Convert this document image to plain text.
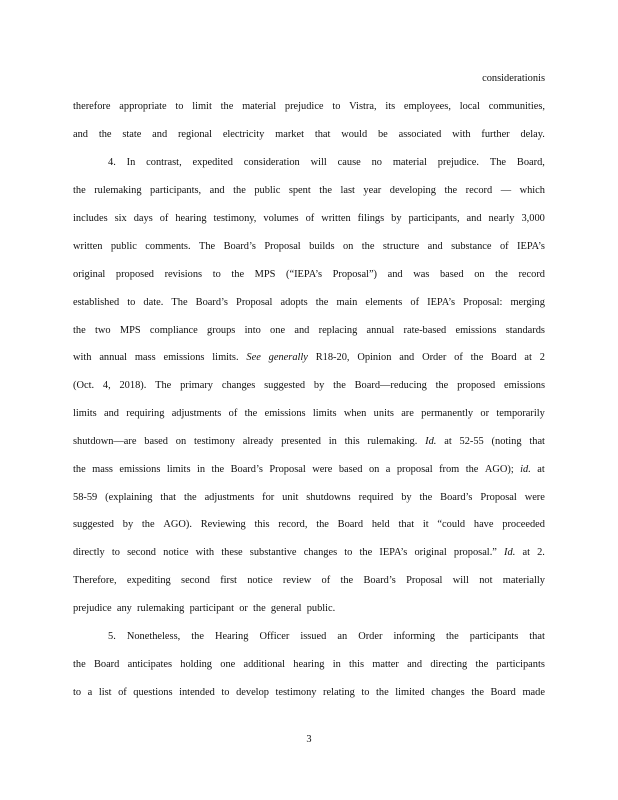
consideration is
therefore appropriate to limit the material prejudice to Vistra, its employees, local communities,
and the state and regional electricity market that would be associated with further delay.
4. In contrast, expedited consideration will cause no material prejudice. The Board,
the rulemaking participants, and the public spent the last year developing the record — which
includes six days of hearing testimony, volumes of written filings by participants, and nearly 3,000
written public comments. The Board’s Proposal builds on the structure and substance of IEPA’s
original proposed revisions to the MPS (“IEPA’s Proposal”) and was based on the record
established to date. The Board’s Proposal adopts the main elements of IEPA’s Proposal: merging
the two MPS compliance groups into one and replacing annual rate-based emissions standards
with annual mass emissions limits. See generally R18-20, Opinion and Order of the Board at 2
(Oct. 4, 2018). The primary changes suggested by the Board—reducing the proposed emissions
limits and requiring adjustments of the emissions limits when units are permanently or temporarily
shutdown—are based on testimony already presented in this rulemaking. Id. at 52-55 (noting that
the mass emissions limits in the Board’s Proposal were based on a proposal from the AGO); id. at
58-59 (explaining that the adjustments for unit shutdowns required by the Board’s Proposal were
suggested by the AGO). Reviewing this record, the Board held that it “could have proceeded
directly to second notice with these substantive changes to the IEPA’s original proposal.” Id. at 2.
Therefore, expediting second first notice review of the Board’s Proposal will not materially
prejudice any rulemaking participant or the general public.
5. Nonetheless, the Hearing Officer issued an Order informing the participants that
the Board anticipates holding one additional hearing in this matter and directing the participants
to a list of questions intended to develop testimony relating to the limited changes the Board made
3
